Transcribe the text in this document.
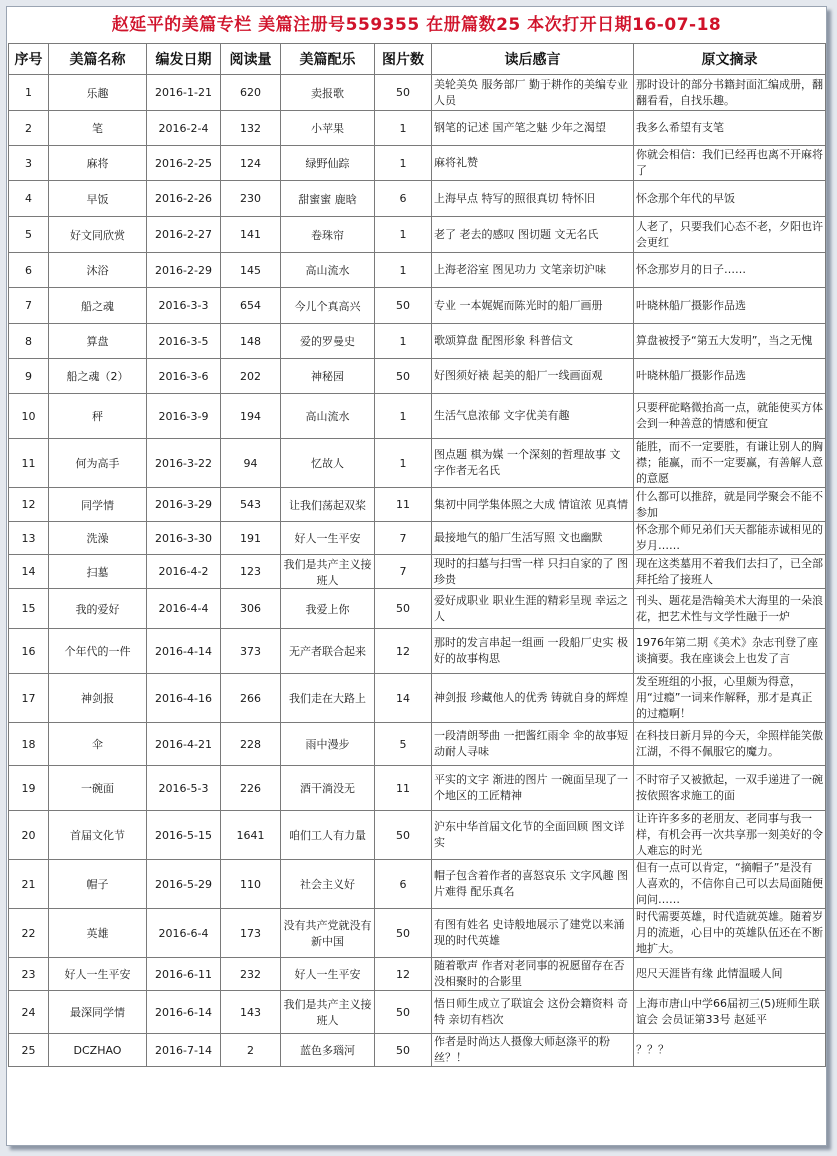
赵延平的美篇专栏 美篇注册号559355 在册篇数25 本次打开日期16-07-18
序号	美篇名称	编发日期	阅读量	美篇配乐	图片数	读后感言	原文摘录
1	乐趣	2016-1-21	620	卖报歌	50	美轮美奂 服务部厂 勤于耕作的美编专业人员	那时设计的部分书籍封面汇编成册，翻翻看看，自找乐趣。
2	笔	2016-2-4	132	小苹果	1	钢笔的记述 国产笔之魅 少年之渴望	我多么希望有支笔
3	麻将	2016-2-25	124	绿野仙踪	1	麻将礼赞	你就会相信：我们已经再也离不开麻将了
4	早饭	2016-2-26	230	甜蜜蜜 鹿晗	6	上海早点 特写的照很真切 特怀旧	怀念那个年代的早饭
5	好文同欣赏	2016-2-27	141	卷珠帘	1	老了 老去的感叹 图切题 文无名氏	人老了，只要我们心态不老，夕阳也许会更红
6	沐浴	2016-2-29	145	高山流水	1	上海老浴室 图见功力 文笔亲切沪味	怀念那岁月的日子……
7	船之魂	2016-3-3	654	今儿个真高兴	50	专业 一本娓娓而陈光时的船厂画册	叶晓林船厂摄影作品选
8	算盘	2016-3-5	148	爱的罗曼史	1	歌颂算盘 配图形象 科普信文	算盘被授予“第五大发明”，当之无愧
9	船之魂（2）	2016-3-6	202	神秘园	50	好图须好裱 起美的船厂一线画面观	叶晓林船厂摄影作品选
10	秤	2016-3-9	194	高山流水	1	生活气息浓郁 文字优美有趣	只要秤砣略微抬高一点，就能使买方体会到一种善意的情感和便宜
11	何为高手	2016-3-22	94	忆故人	1	图点题 棋为媒 一个深刻的哲理故事 文字作者无名氏	能胜，而不一定要胜，有谦让别人的胸襟；能赢，而不一定要赢，有善解人意的意愿
12	同学情	2016-3-29	543	让我们荡起双桨	11	集初中同学集体照之大成 情谊浓 见真情	什么都可以推辞，就是同学聚会不能不参加
13	洗澡	2016-3-30	191	好人一生平安	7	最接地气的船厂生活写照 文也幽默	怀念那个师兄弟们天天都能赤诚相见的岁月……
14	扫墓	2016-4-2	123	我们是共产主义接班人	7	现时的扫墓与扫雪一样 只扫自家的了 图珍贵	现在这类墓用不着我们去扫了，已全部拜托给了接班人
15	我的爱好	2016-4-4	306	我爱上你	50	爱好成职业 职业生涯的精彩呈现 幸运之人	刊头、题花是浩翰美术大海里的一朵浪花，把艺术性与文学性融于一炉
16	个年代的一件	2016-4-14	373	无产者联合起来	12	那时的发言串起一组画 一段船厂史实 极好的故事构思	1976年第二期《美术》杂志刊登了座谈摘要。我在座谈会上也发了言
17	神剑报	2016-4-16	266	我们走在大路上	14	神剑报 珍藏他人的优秀 铸就自身的辉煌	发至班组的小报，心里颇为得意，用“过瘾”一词来作解释，那才是真正的过瘾啊！
18	伞	2016-4-21	228	雨中漫步	5	一段清朗琴曲 一把酱红雨伞 伞的故事短动耐人寻味	在科技日新月异的今天，伞照样能笑傲江湖，不得不佩服它的魔力。
19	一碗面	2016-5-3	226	酒干淌没无	11	平实的文字 渐进的图片 一碗面呈现了一个地区的工匠精神	不时帘子又被掀起，一双手递进了一碗按依照客求施工的面
20	首届文化节	2016-5-15	1641	咱们工人有力量	50	沪东中华首届文化节的全面回顾 图文详实	让许许多多的老朋友、老同事与我一样，有机会再一次共享那一刻美好的令人难忘的时光
21	帽子	2016-5-29	110	社会主义好	6	帽子包含着作者的喜怒哀乐 文字风趣 图片难得 配乐真名	但有一点可以肯定，“摘帽子”是没有人喜欢的，不信你自己可以去局面随便问问……
22	英雄	2016-6-4	173	没有共产党就没有新中国	50	有图有姓名 史诗般地展示了建党以来涌现的时代英雄	时代需要英雄，时代造就英雄。随着岁月的流逝，心目中的英雄队伍还在不断地扩大。
23	好人一生平安	2016-6-11	232	好人一生平安	12	随着歌声 作者对老同事的祝愿留存在否没相聚时的合影里	咫尺天涯皆有缘 此情温暖人间
24	最深同学情	2016-6-14	143	我们是共产主义接班人	50	悟日师生成立了联谊会 这份会籍资料 奇特 亲切有档次	上海市唐山中学66届初三(5)班师生联谊会 会员证第33号 赵延平
25	DCZHAO	2016-7-14	2	蓝色多瑙河	50	作者是时尚达人摄像大师赵涤平的粉丝？！	？？？
